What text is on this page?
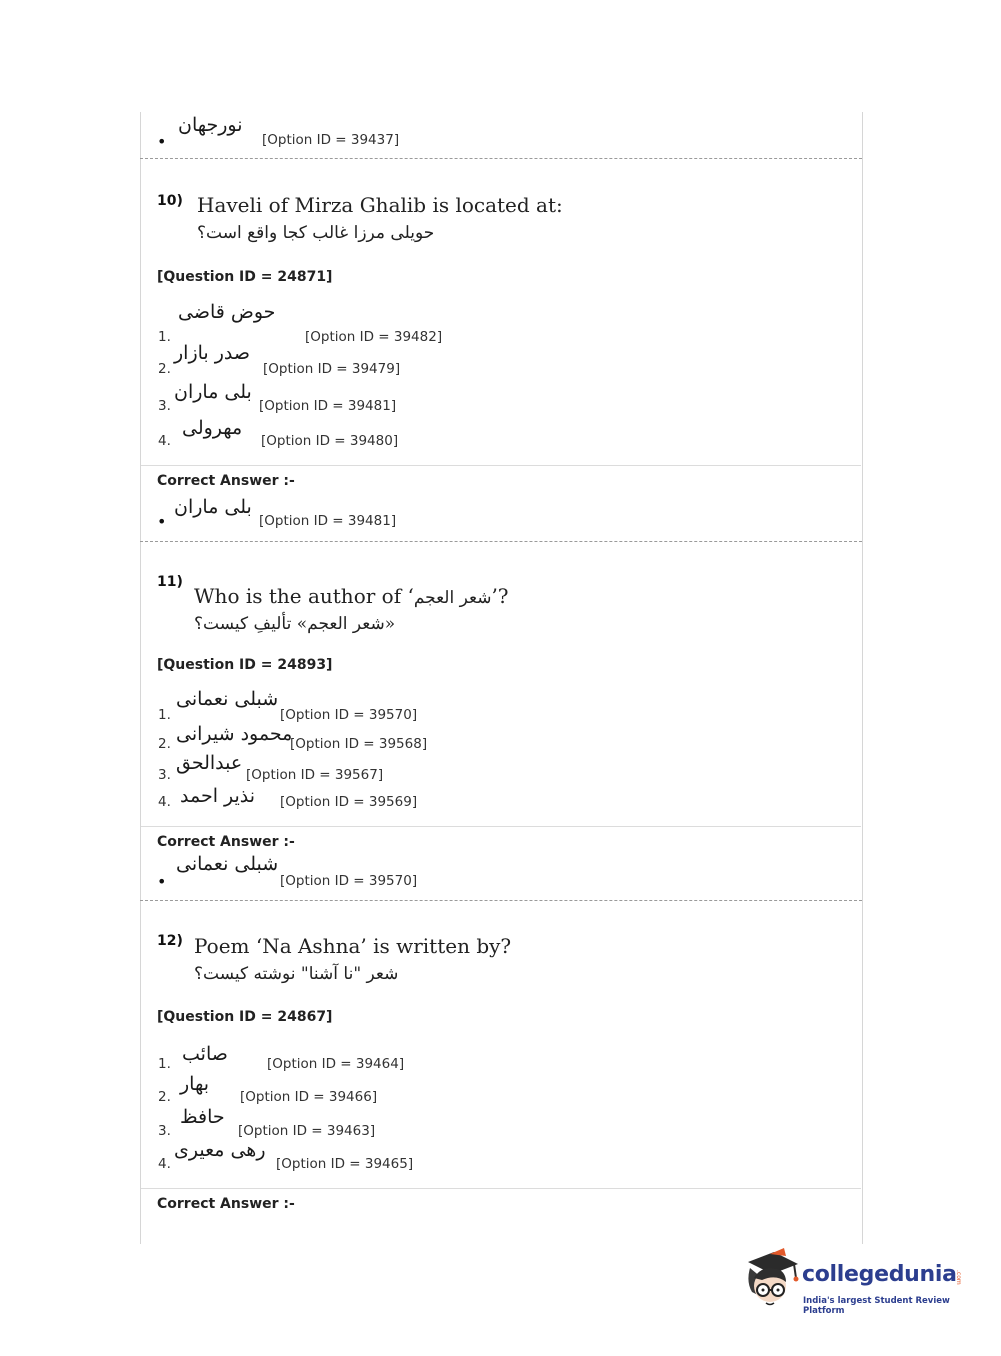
•
نورجهان
[Option ID = 39437]
10) Haveli of Mirza Ghalib is located at:
حویلی مرزا غالب کجا واقع است؟
[Question ID = 24871]
1.
حوض قاضی
[Option ID = 39482]
2.
صدر بازار
[Option ID = 39479]
3.
بلی ماران
[Option ID = 39481]
4.
مهرولی
[Option ID = 39480]
Correct Answer :-
•
بلی ماران
[Option ID = 39481]
11)
Who is the author of ‘شعر العجم’?
«شعر العجم» تألیفِ کیست؟
[Question ID = 24893]
1.
شبلی نعمانی
[Option ID = 39570]
2. محمود شیرانی
[Option ID = 39568]
3.
عبدالحق
[Option ID = 39567]
4. نذیر احمد [Option ID = 39569]
Correct Answer :-
•
شبلی نعمانی
[Option ID = 39570]
12) Poem ‘Na Ashna’ is written by?
شعر "نا آشنا" نوشته کیست؟
[Question ID = 24867]
1. صائب	[Option ID = 39464]
2.
بهار
[Option ID = 39466]
3.
حافظ
[Option ID = 39463]
4.
رهی معیری
[Option ID = 39465]
Correct Answer :-
collegedunia
.com
India's largest Student Review Platform
